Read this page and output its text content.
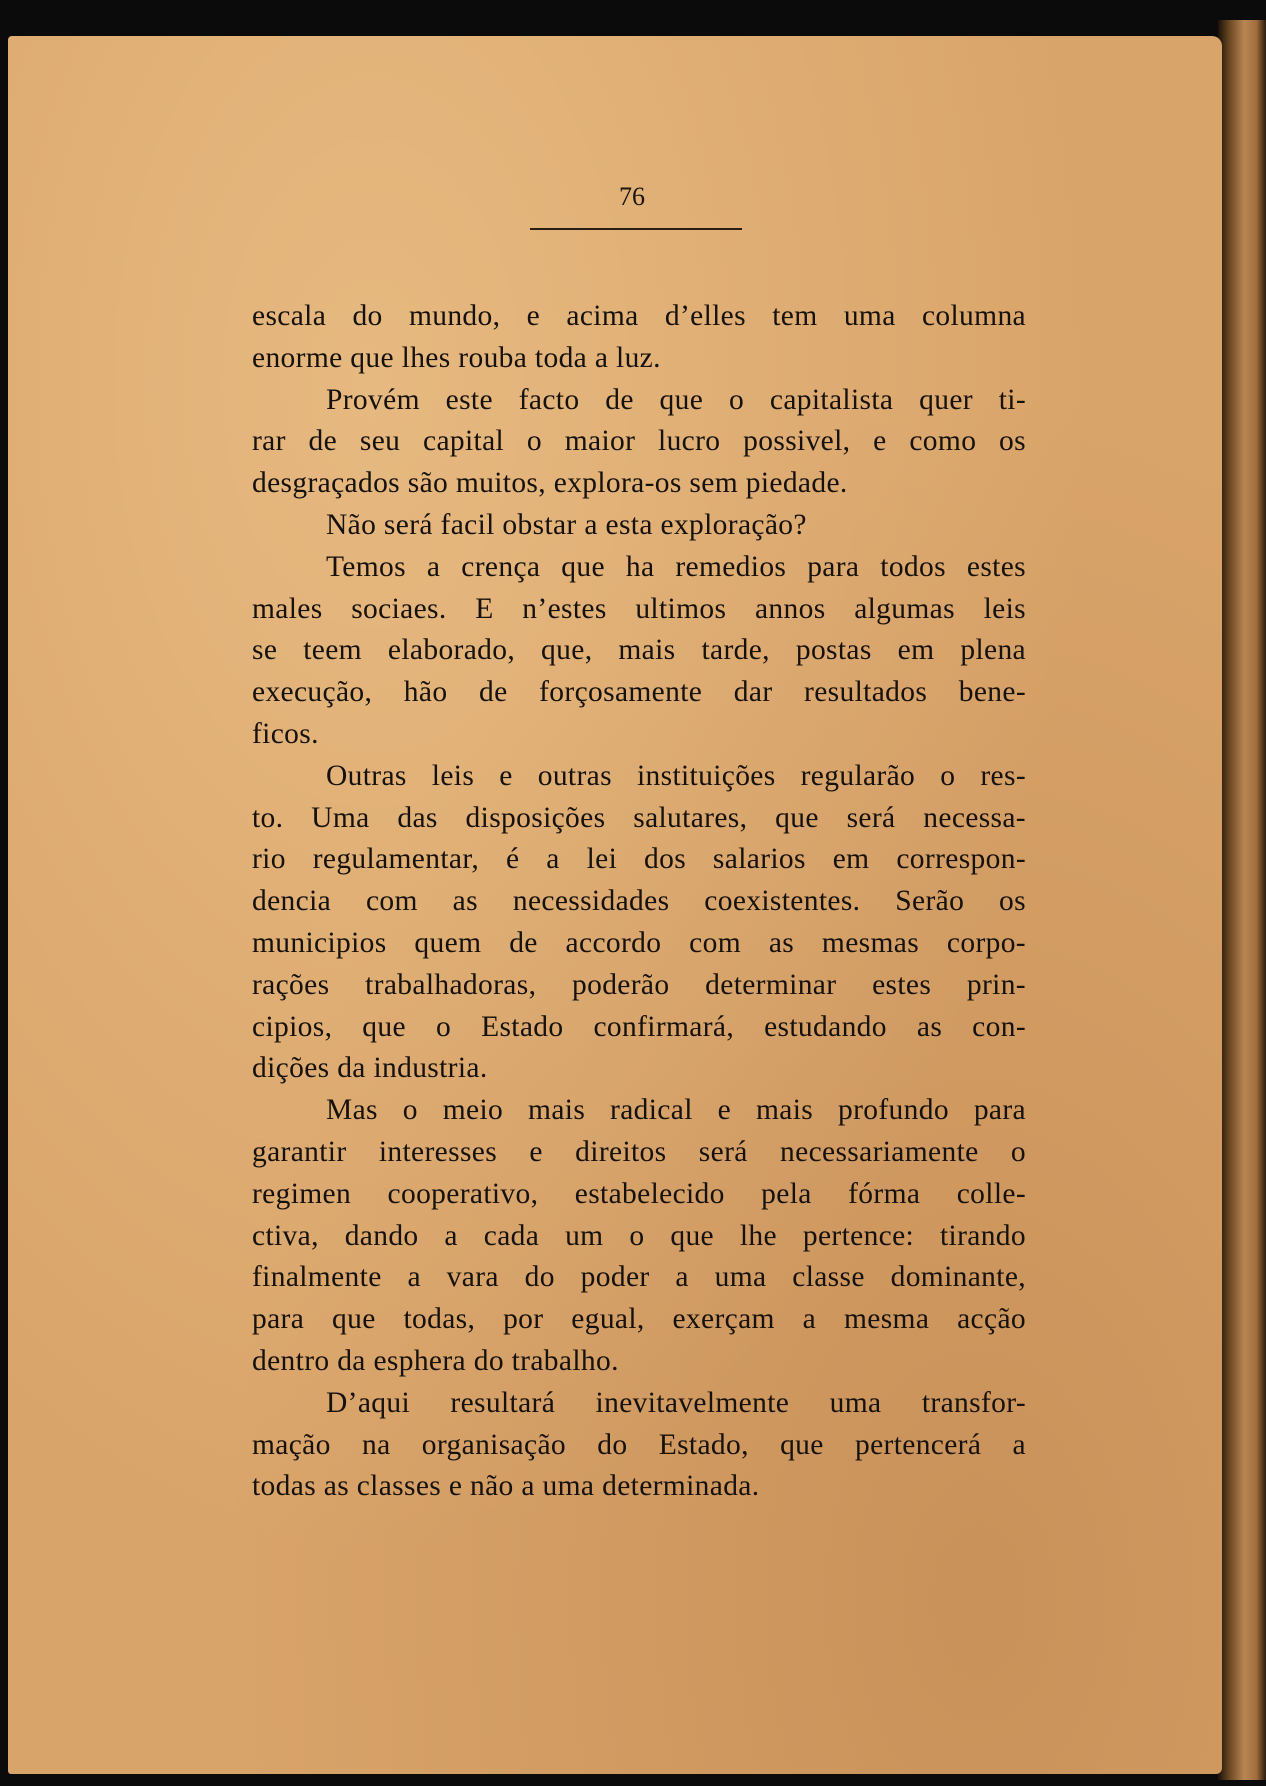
76
escala do mundo, e acima d’elles tem uma columna
enorme que lhes rouba toda a luz.
Provém este facto de que o capitalista quer ti-
rar de seu capital o maior lucro possivel, e como os
desgraçados são muitos, explora-os sem piedade.
Não será facil obstar a esta exploração?
Temos a crença que ha remedios para todos estes
males sociaes. E n’estes ultimos annos algumas leis
se teem elaborado, que, mais tarde, postas em plena
execução, hão de forçosamente dar resultados bene-
ficos.
Outras leis e outras instituições regularão o res-
to. Uma das disposições salutares, que será necessa-
rio regulamentar, é a lei dos salarios em correspon-
dencia com as necessidades coexistentes. Serão os
municipios quem de accordo com as mesmas corpo-
rações trabalhadoras, poderão determinar estes prin-
cipios, que o Estado confirmará, estudando as con-
dições da industria.
Mas o meio mais radical e mais profundo para
garantir interesses e direitos será necessariamente o
regimen cooperativo, estabelecido pela fórma colle-
ctiva, dando a cada um o que lhe pertence: tirando
finalmente a vara do poder a uma classe dominante,
para que todas, por egual, exerçam a mesma acção
dentro da esphera do trabalho.
D’aqui resultará inevitavelmente uma transfor-
mação na organisação do Estado, que pertencerá a
todas as classes e não a uma determinada.
